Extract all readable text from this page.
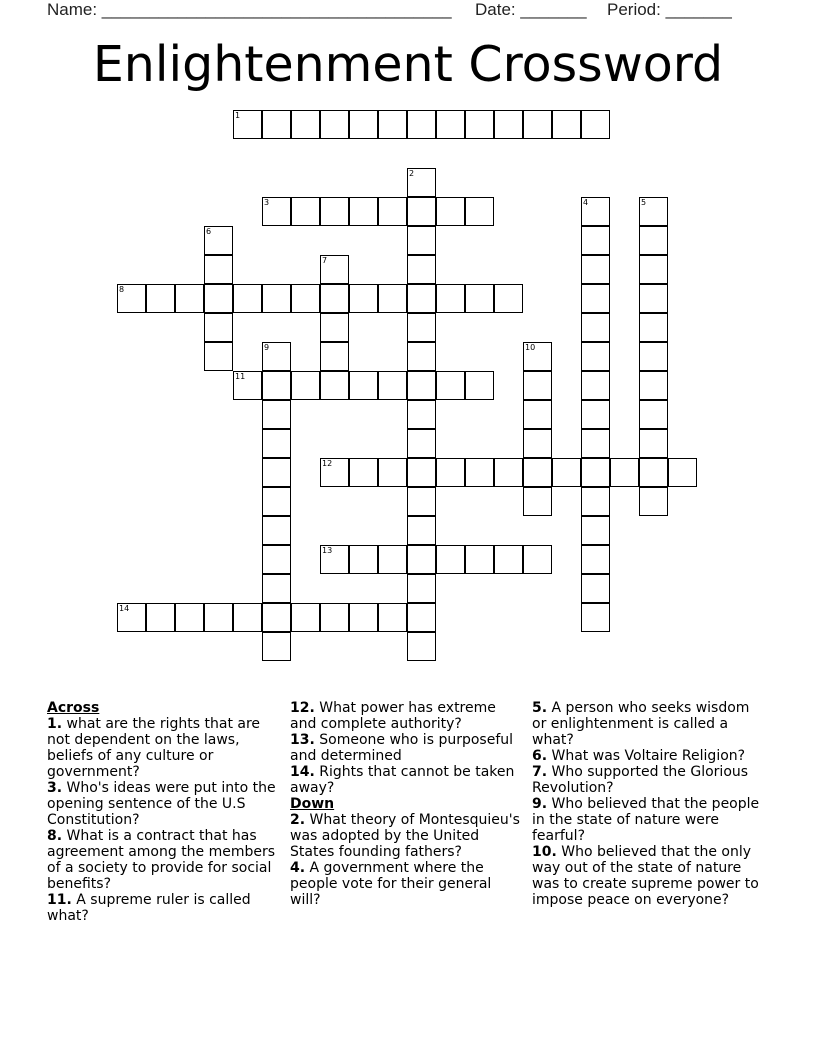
Name: _____________________________________ Date: _______ Period: _______
Enlightenment Crossword
1
2
3	4	5
6
7
8
9	10
11
12
13
14
Across
1. what are the rights that are not dependent on the laws, beliefs of any culture or government?
3. Who's ideas were put into the opening sentence of the U.S Constitution?
8. What is a contract that has agreement among the members of a society to provide for social benefits?
11. A supreme ruler is called what?
12. What power has extreme and complete authority?
13. Someone who is purposeful and determined
14. Rights that cannot be taken away?
Down
2. What theory of Montesquieu's was adopted by the United States founding fathers?
4. A government where the people vote for their general will?
5. A person who seeks wisdom or enlightenment is called a what?
6. What was Voltaire Religion?
7. Who supported the Glorious Revolution?
9. Who believed that the people in the state of nature were fearful?
10. Who believed that the only way out of the state of nature was to create supreme power to impose peace on everyone?
